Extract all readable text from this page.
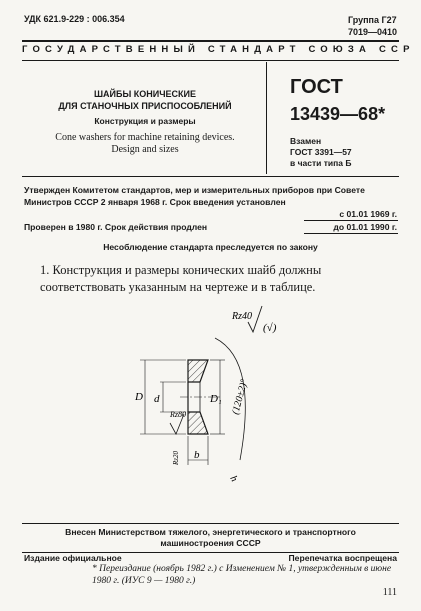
УДК 621.9-229 : 006.354	Группа Г27
7019—0410
ГОСУДАРСТВЕННЫЙ СТАНДАРТ СОЮЗА ССР
ШАЙБЫ КОНИЧЕСКИЕ
ДЛЯ СТАНОЧНЫХ ПРИСПОСОБЛЕНИЙ
Конструкция и размеры
Cone washers for machine retaining devices.
Design and sizes
ГОСТ
13439—68*
Взамен
ГОСТ 3391—57
в части типа Б
Утвержден Комитетом стандартов, мер и измерительных приборов при Совете Министров СССР 2 января 1968 г. Срок введения установлен
с 01.01 1969 г.
Проверен в 1980 г. Срок действия продлен	до 01.01 1990 г.
Несоблюдение стандарта преследуется по закону
1. Конструкция и размеры конических шайб должны соответствовать указанным на чертеже и в таблице.
Rz40
(√)
(120±2)°
D d	D₁
Rz80
Rz20 b
h
Внесен Министерством тяжелого, энергетического и транспортного
машиностроения СССР
Издание официальное	Перепечатка воспрещена
* Переиздание (ноябрь 1982 г.) с Изменением № 1, утвержденным в июне 1980 г. (ИУС 9 — 1980 г.)
111
